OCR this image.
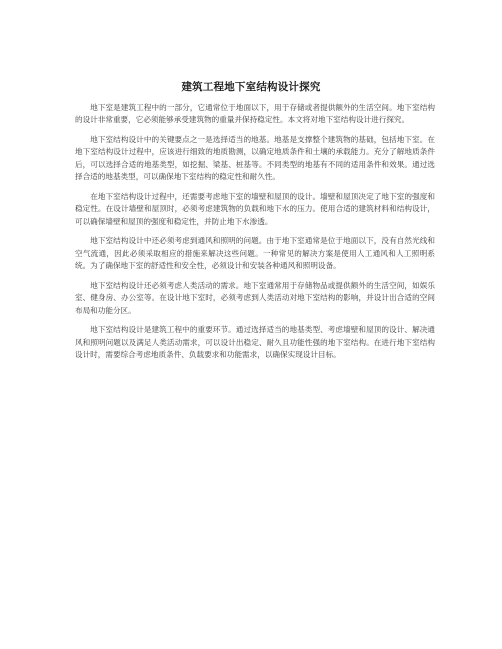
建筑工程地下室结构设计探究

地下室是建筑工程中的一部分，它通常位于地面以下，用于存储或者提供额外的生活空间。地下室结构的设计非常重要，它必须能够承受建筑物的重量并保持稳定性。本文将对地下室结构设计进行探究。

地下室结构设计中的关键要点之一是选择适当的地基。地基是支撑整个建筑物的基础，包括地下室。在地下室结构设计过程中，应该进行细致的地质勘测，以确定地质条件和土壤的承载能力。充分了解地质条件后，可以选择合适的地基类型，如挖掘、梁基、桩基等。不同类型的地基有不同的适用条件和效果。通过选择合适的地基类型，可以确保地下室结构的稳定性和耐久性。

在地下室结构设计过程中，还需要考虑地下室的墙壁和屋顶的设计。墙壁和屋顶决定了地下室的强度和稳定性。在设计墙壁和屋顶时，必须考虑建筑物的负载和地下水的压力。使用合适的建筑材料和结构设计，可以确保墙壁和屋顶的强度和稳定性，并防止地下水渗透。

地下室结构设计中还必须考虑到通风和照明的问题。由于地下室通常是位于地面以下，没有自然光线和空气流通，因此必须采取相应的措施来解决这些问题。一种常见的解决方案是使用人工通风和人工照明系统。为了确保地下室的舒适性和安全性，必须设计和安装各种通风和照明设备。

地下室结构设计还必须考虑人类活动的需求。地下室通常用于存储物品或提供额外的生活空间，如娱乐室、健身房、办公室等。在设计地下室时，必须考虑到人类活动对地下室结构的影响，并设计出合适的空间布局和功能分区。

地下室结构设计是建筑工程中的重要环节。通过选择适当的地基类型、考虑墙壁和屋顶的设计、解决通风和照明问题以及满足人类活动需求，可以设计出稳定、耐久且功能性强的地下室结构。在进行地下室结构设计时，需要综合考虑地质条件、负载要求和功能需求，以确保实现设计目标。
